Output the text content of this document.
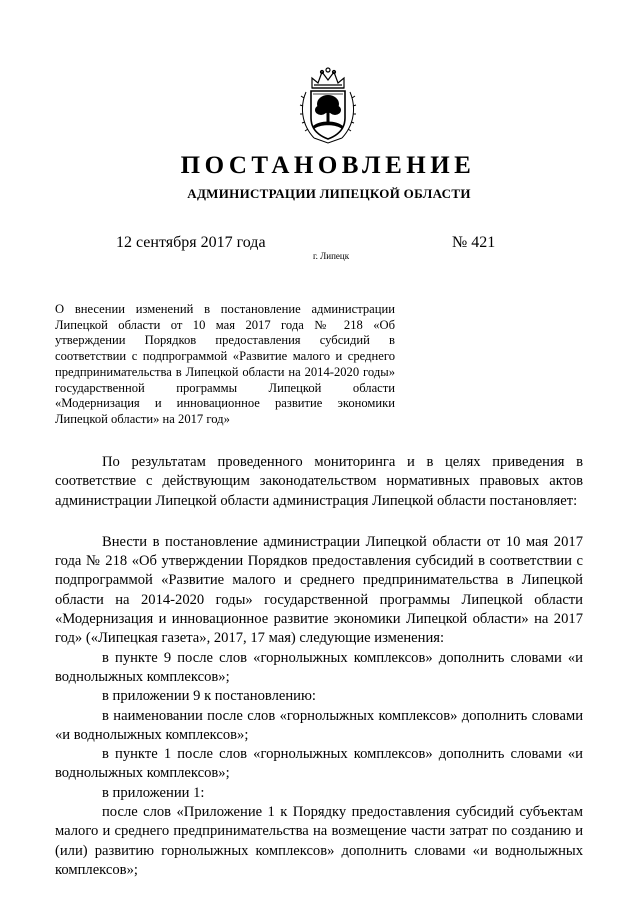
ПОСТАНОВЛЕНИЕ
АДМИНИСТРАЦИИ ЛИПЕЦКОЙ ОБЛАСТИ
12 сентября 2017 года
г. Липецк
№ 421

О внесении изменений в постановление администрации Липецкой области от 10 мая 2017 года № 218 «Об утверждении Порядков предоставления субсидий в соответствии с подпрограммой «Развитие малого и среднего предпринимательства в Липецкой области на 2014-2020 годы» государственной программы Липецкой области «Модернизация и инновационное развитие экономики Липецкой области» на 2017 год»

По результатам проведенного мониторинга и в целях приведения в соответствие с действующим законодательством нормативных правовых актов администрации Липецкой области администрация Липецкой области постановляет:

Внести в постановление администрации Липецкой области от 10 мая 2017 года № 218 «Об утверждении Порядков предоставления субсидий в соответствии с подпрограммой «Развитие малого и среднего предпринимательства в Липецкой области на 2014-2020 годы» государственной программы Липецкой области «Модернизация и инновационное развитие экономики Липецкой области» на 2017 год» («Липецкая газета», 2017, 17 мая) следующие изменения:

в пункте 9 после слов «горнолыжных комплексов» дополнить словами «и воднолыжных комплексов»;

в приложении 9 к постановлению:

в наименовании после слов «горнолыжных комплексов» дополнить словами «и воднолыжных комплексов»;

в пункте 1 после слов «горнолыжных комплексов» дополнить словами «и воднолыжных комплексов»;

в приложении 1:

после слов «Приложение 1 к Порядку предоставления субсидий субъектам малого и среднего предпринимательства на возмещение части затрат по созданию и (или) развитию горнолыжных комплексов» дополнить словами «и воднолыжных комплексов»;
